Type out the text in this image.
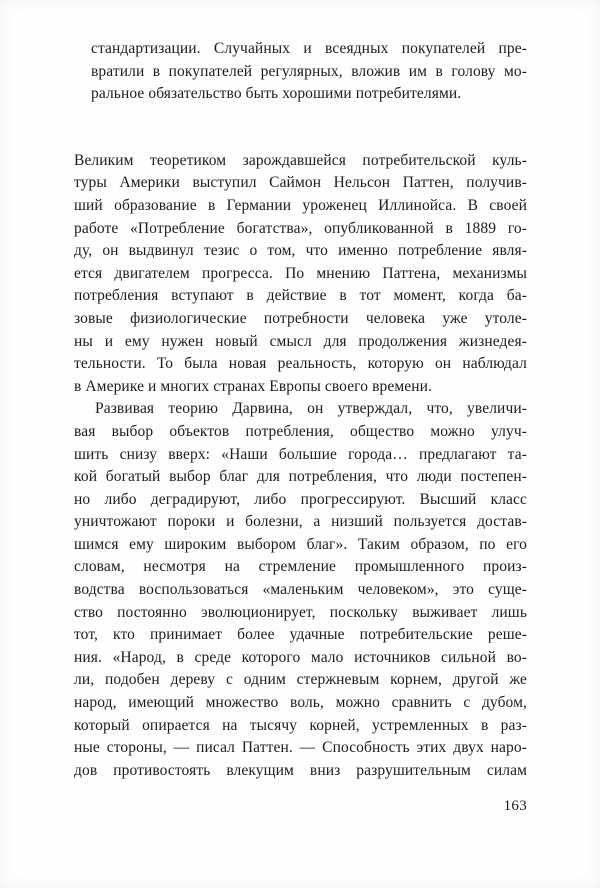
стандартизации. Случайных и всеядных покупателей пре-
вратили в покупателей регулярных, вложив им в голову мо-
ральное обязательство быть хорошими потребителями.
Великим теоретиком зарождавшейся потребительской куль-
туры Америки выступил Саймон Нельсон Паттен, получив-
ший образование в Германии уроженец Иллинойса. В своей
работе «Потребление богатства», опубликованной в 1889 го-
ду, он выдвинул тезис о том, что именно потребление явля-
ется двигателем прогресса. По мнению Паттена, механизмы
потребления вступают в действие в тот момент, когда ба-
зовые физиологические потребности человека уже утоле-
ны и ему нужен новый смысл для продолжения жизнедея-
тельности. То была новая реальность, которую он наблюдал
в Америке и многих странах Европы своего времени.
Развивая теорию Дарвина, он утверждал, что, увеличи-
вая выбор объектов потребления, общество можно улуч-
шить снизу вверх: «Наши большие города… предлагают та-
кой богатый выбор благ для потребления, что люди постепен-
но либо деградируют, либо прогрессируют. Высший класс
уничтожают пороки и болезни, а низший пользуется достав-
шимся ему широким выбором благ». Таким образом, по его
словам, несмотря на стремление промышленного произ-
водства воспользоваться «маленьким человеком», это суще-
ство постоянно эволюционирует, поскольку выживает лишь
тот, кто принимает более удачные потребительские реше-
ния. «Народ, в среде которого мало источников сильной во-
ли, подобен дереву с одним стержневым корнем, другой же
народ, имеющий множество воль, можно сравнить с дубом,
который опирается на тысячу корней, устремленных в раз-
ные стороны, — писал Паттен. — Способность этих двух наро-
дов противостоять влекущим вниз разрушительным силам
163
